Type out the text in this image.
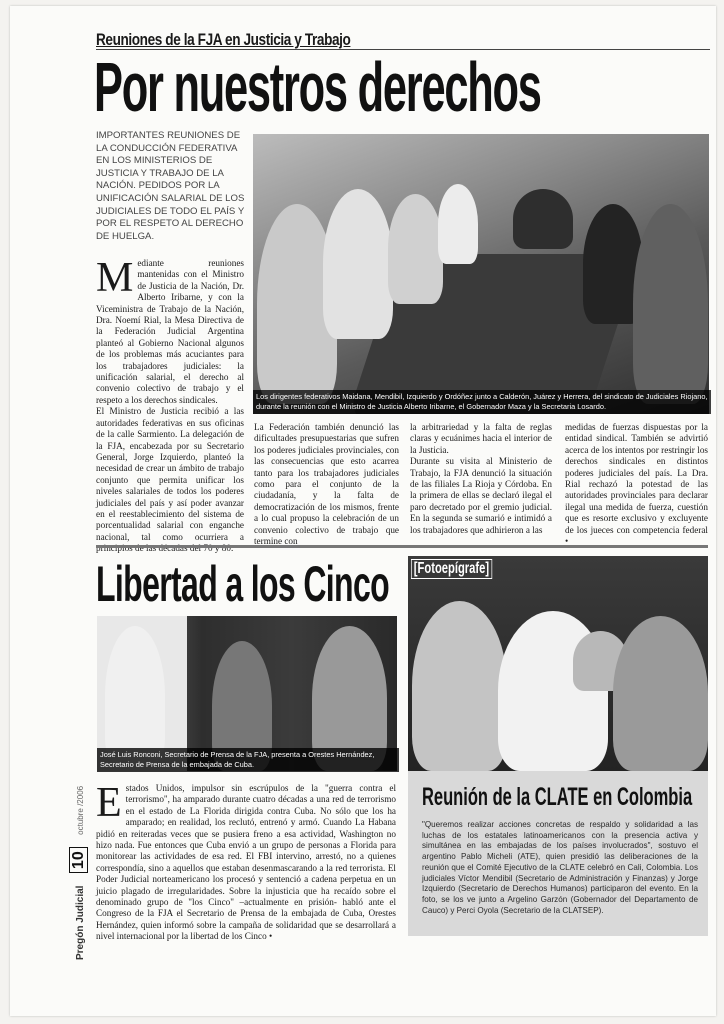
Reuniones de la FJA en Justicia y Trabajo
Por nuestros derechos
IMPORTANTES REUNIONES DE LA CONDUCCIÓN FEDERATIVA EN LOS MINISTERIOS DE JUSTICIA Y TRABAJO DE LA NACIÓN. PEDIDOS POR LA UNIFICACIÓN SALARIAL DE LOS JUDICIALES DE TODO EL PAÍS Y POR EL RESPETO AL DERECHO DE HUELGA.
Los dirigentes federativos Maidana, Mendibil, Izquierdo y Ordóñez junto a Calderón, Juárez y Herrera, del sindicato de Judiciales Riojano, durante la reunión con el Ministro de Justicia Alberto Iribarne, el Gobernador Maza y la Secretaria Losardo.
M ediante reuniones mantenidas con el Ministro de Justicia de la Nación, Dr. Alberto Iribarne, y con la Viceministra de Trabajo de la Nación, Dra. Noemí Rial, la Mesa Directiva de la Federación Judicial Argentina planteó al Gobierno Nacional algunos de los problemas más acuciantes para los trabajadores judiciales: la unificación salarial, el derecho al convenio colectivo de trabajo y el respeto a los derechos sindicales.
El Ministro de Justicia recibió a las autoridades federativas en sus oficinas de la calle Sarmiento. La delegación de la FJA, encabezada por su Secretario General, Jorge Izquierdo, planteó la necesidad de crear un ámbito de trabajo conjunto que permita unificar los niveles salariales de todos los poderes judiciales del país y así poder avanzar en el reestablecimiento del sistema de porcentualidad salarial con enganche nacional, tal como ocurriera a principios de las décadas del 70 y 80.
La Federación también denunció las dificultades presupuestarias que sufren los poderes judiciales provinciales, con las consecuencias que esto acarrea tanto para los trabajadores judiciales como para el conjunto de la ciudadanía, y la falta de democratización de los mismos, frente a lo cual propuso la celebración de un convenio colectivo de trabajo que termine con
la arbitrariedad y la falta de reglas claras y ecuánimes hacia el interior de la Justicia.
Durante su visita al Ministerio de Trabajo, la FJA denunció la situación de las filiales La Rioja y Córdoba. En la primera de ellas se declaró ilegal el paro decretado por el gremio judicial. En la segunda se sumarió e intimidó a los trabajadores que adhirieron a las
medidas de fuerzas dispuestas por la entidad sindical. También se advirtió acerca de los intentos por restringir los derechos sindicales en distintos poderes judiciales del país. La Dra. Rial rechazó la potestad de las autoridades provinciales para declarar ilegal una medida de fuerza, cuestión que es resorte exclusivo y excluyente de los jueces con competencia federal •
Libertad a los Cinco
José Luis Ronconi, Secretario de Prensa de la FJA, presenta a Orestes Hernández, Secretario de Prensa de la embajada de Cuba.
E stados Unidos, impulsor sin escrúpulos de la "guerra contra el terrorismo", ha amparado durante cuatro décadas a una red de terrorismo en el estado de La Florida dirigida contra Cuba. No sólo que los ha amparado; en realidad, los reclutó, entrenó y armó. Cuando La Habana pidió en reiteradas veces que se pusiera freno a esa actividad, Washington no hizo nada. Fue entonces que Cuba envió a un grupo de personas a Florida para monitorear las actividades de esa red. El FBI intervino, arrestó, no a quienes correspondía, sino a aquellos que estaban desenmascarando a la red terrorista. El Poder Judicial norteamericano los procesó y sentenció a cadena perpetua en un juicio plagado de irregularidades. Sobre la injusticia que ha recaído sobre el denominado grupo de "los Cinco" –actualmente en prisión- habló ante el Congreso de la FJA el Secretario de Prensa de la embajada de Cuba, Orestes Hernández, quien informó sobre la campaña de solidaridad que se desarrollará a nivel internacional por la libertad de los Cinco •
[Fotoepígrafe]
Reunión de la CLATE en Colombia
"Queremos realizar acciones concretas de respaldo y solidaridad a las luchas de los estatales latinoamericanos con la presencia activa y simultánea en las embajadas de los países involucrados", sostuvo el argentino Pablo Micheli (ATE), quien presidió las deliberaciones de la reunión que el Comité Ejecutivo de la CLATE celebró en Cali, Colombia. Los judiciales Víctor Mendibil (Secretario de Administración y Finanzas) y Jorge Izquierdo (Secretario de Derechos Humanos) participaron del evento. En la foto, se los ve junto a Argelino Garzón (Gobernador del Departamento de Cauco) y Perci Oyola (Secretario de la CLATSEP).
Pregón Judicial 10 octubre /2006
